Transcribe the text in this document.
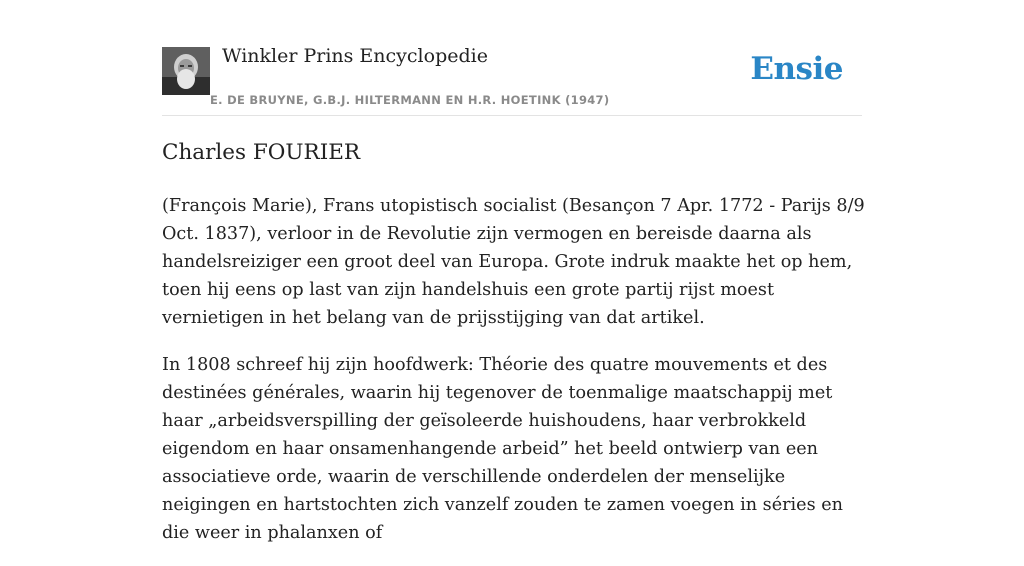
Winkler Prins Encyclopedie
E. DE BRUYNE, G.B.J. HILTERMANN EN H.R. HOETINK (1947)
Ensie
Charles FOURIER

(François Marie), Frans utopistisch socialist (Besançon 7 Apr. 1772 - Parijs 8/9 Oct. 1837), verloor in de Revolutie zijn vermogen en bereisde daarna als handelsreiziger een groot deel van Europa. Grote indruk maakte het op hem, toen hij eens op last van zijn handelshuis een grote partij rijst moest vernietigen in het belang van de prijsstijging van dat artikel.

In 1808 schreef hij zijn hoofdwerk: Théorie des quatre mouvements et des destinées générales, waarin hij tegenover de toenmalige maatschappij met haar „arbeidsverspilling der geïsoleerde huishoudens, haar verbrokkeld eigendom en haar onsamenhangende arbeid” het beeld ontwierp van een associatieve orde, waarin de verschillende onderdelen der menselijke neigingen en hartstochten zich vanzelf zouden te zamen voegen in séries en die weer in phalanxen of
